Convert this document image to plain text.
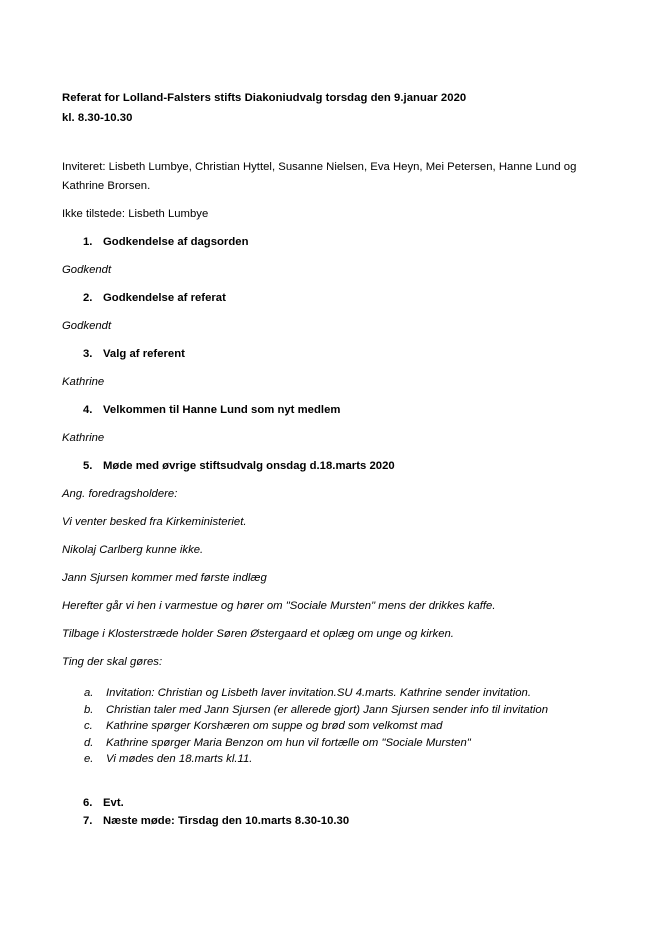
Referat for Lolland-Falsters stifts Diakoniudvalg torsdag den 9.januar 2020
kl. 8.30-10.30

Inviteret: Lisbeth Lumbye, Christian Hyttel, Susanne Nielsen, Eva Heyn, Mei Petersen, Hanne Lund og Kathrine Brorsen.

Ikke tilstede: Lisbeth Lumbye

1. Godkendelse af dagsorden

Godkendt

2. Godkendelse af referat

Godkendt

3. Valg af referent

Kathrine

4. Velkommen til Hanne Lund som nyt medlem

Kathrine

5. Møde med øvrige stiftsudvalg onsdag d.18.marts 2020

Ang. foredragsholdere:

Vi venter besked fra Kirkeministeriet.

Nikolaj Carlberg kunne ikke.

Jann Sjursen kommer med første indlæg

Herefter går vi hen i varmestue og hører om "Sociale Mursten" mens der drikkes kaffe.

Tilbage i Klosterstræde holder Søren Østergaard et oplæg om unge og kirken.

Ting der skal gøres:

a.	Invitation: Christian og Lisbeth laver invitation.SU 4.marts. Kathrine sender invitation.
b.	Christian taler med Jann Sjursen (er allerede gjort) Jann Sjursen sender info til invitation
c.	Kathrine spørger Korshæren om suppe og brød som velkomst mad
d.	Kathrine spørger Maria Benzon om hun vil fortælle om "Sociale Mursten"
e.	Vi mødes den 18.marts kl.11.
6. Evt.
7. Næste møde: Tirsdag den 10.marts 8.30-10.30
